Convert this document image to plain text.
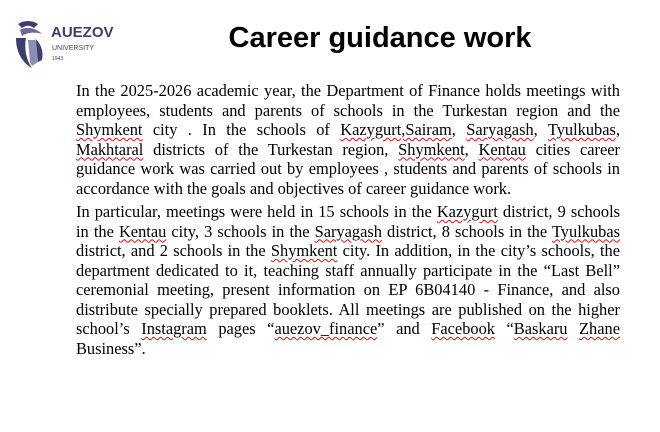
AUEZOV
UNIVERSITY
1943
Career guidance work

In the 2025-2026 academic year, the Department of Finance holds meetings with employees, students and parents of schools in the Turkestan region and the Shymkent city . In the schools of Kazygurt,Sairam, Saryagash, Tyulkubas, Makhtaral districts of the Turkestan region, Shymkent, Kentau cities career guidance work was carried out by employees , students and parents of schools in accordance with the goals and objectives of career guidance work.

In particular, meetings were held in 15 schools in the Kazygurt district, 9 schools in the Kentau city, 3 schools in the Saryagash district, 8 schools in the Tyulkubas district, and 2 schools in the Shymkent city. In addition, in the city’s schools, the department dedicated to it, teaching staff annually participate in the “Last Bell” ceremonial meeting, present information on EP 6B04140 - Finance, and also distribute specially prepared booklets. All meetings are published on the higher school’s Instagram pages “auezov_finance” and Facebook “Baskaru Zhane Business”.
